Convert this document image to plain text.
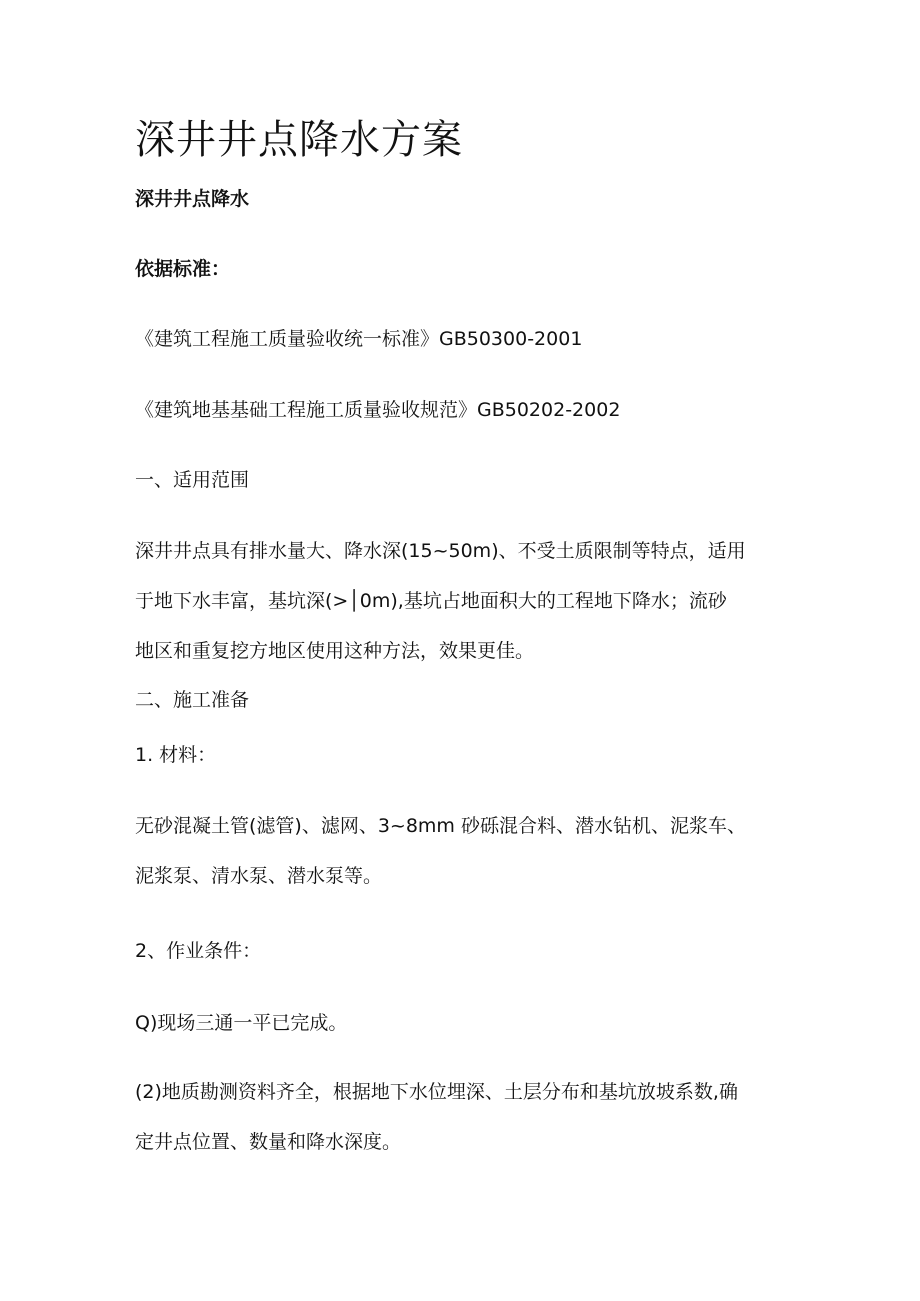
深井井点降水方案
深井井点降水
依据标准：
《建筑工程施工质量验收统一标准》GB50300-2001
《建筑地基基础工程施工质量验收规范》GB50202-2002
一、适用范围
深井井点具有排水量大、降水深(15~50m)、不受土质限制等特点，适用
于地下水丰富，基坑深(>│0m),基坑占地面积大的工程地下降水；流砂
地区和重复挖方地区使用这种方法，效果更佳。
二、施工准备
1. 材料：
无砂混凝土管(滤管)、滤网、3~8mm 砂砾混合料、潜水钻机、泥浆车、
泥浆泵、清水泵、潜水泵等。
2、作业条件：
Q)现场三通一平已完成。
(2)地质勘测资料齐全，根据地下水位埋深、土层分布和基坑放坡系数,确
定井点位置、数量和降水深度。
